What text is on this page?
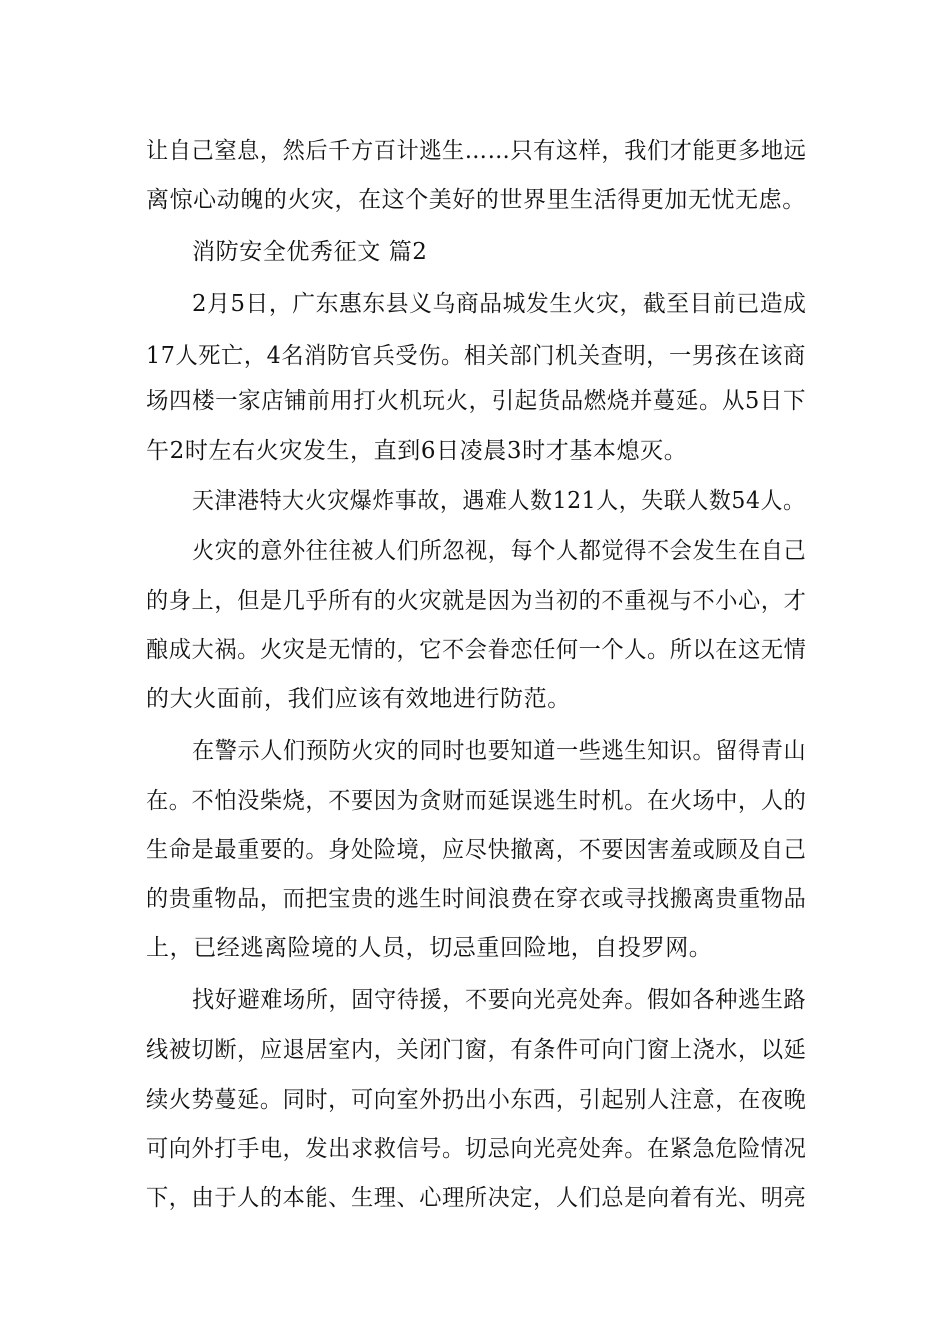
让自己窒息，然后千方百计逃生……只有这样，我们才能更多地远
离惊心动魄的火灾，在这个美好的世界里生活得更加无忧无虑。
消防安全优秀征文 篇2
2月5日，广东惠东县义乌商品城发生火灾，截至目前已造成
17人死亡，4名消防官兵受伤。相关部门机关查明，一男孩在该商
场四楼一家店铺前用打火机玩火，引起货品燃烧并蔓延。从5日下
午2时左右火灾发生，直到6日凌晨3时才基本熄灭。
天津港特大火灾爆炸事故，遇难人数121人，失联人数54人。
火灾的意外往往被人们所忽视，每个人都觉得不会发生在自己
的身上，但是几乎所有的火灾就是因为当初的不重视与不小心，才
酿成大祸。火灾是无情的，它不会眷恋任何一个人。所以在这无情
的大火面前，我们应该有效地进行防范。
在警示人们预防火灾的同时也要知道一些逃生知识。留得青山
在。不怕没柴烧，不要因为贪财而延误逃生时机。在火场中，人的
生命是最重要的。身处险境，应尽快撤离，不要因害羞或顾及自己
的贵重物品，而把宝贵的逃生时间浪费在穿衣或寻找搬离贵重物品
上，已经逃离险境的人员，切忌重回险地，自投罗网。
找好避难场所，固守待援，不要向光亮处奔。假如各种逃生路
线被切断，应退居室内，关闭门窗，有条件可向门窗上浇水，以延
续火势蔓延。同时，可向室外扔出小东西，引起别人注意，在夜晚
可向外打手电，发出求救信号。切忌向光亮处奔。在紧急危险情况
下，由于人的本能、生理、心理所决定，人们总是向着有光、明亮
